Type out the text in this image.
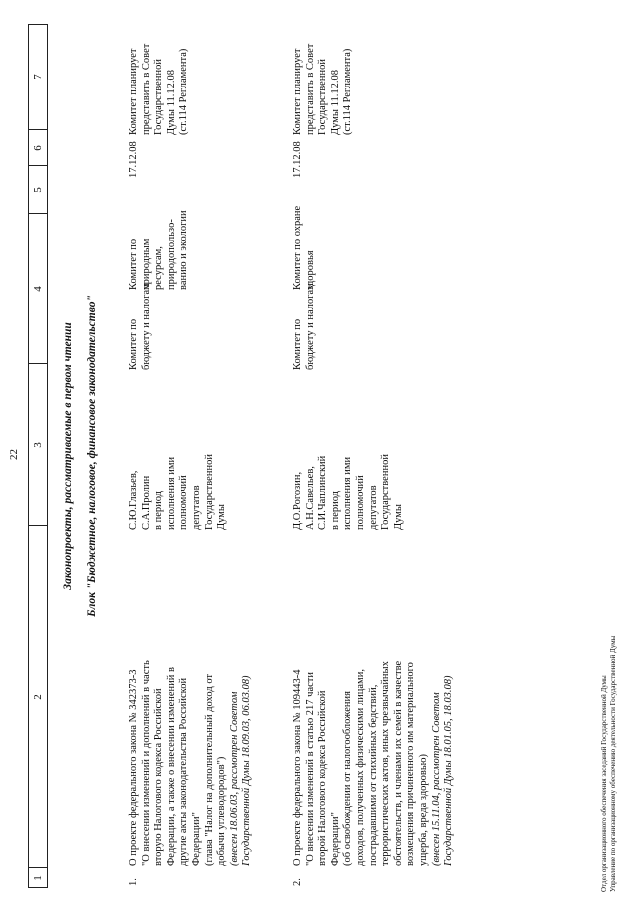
22
1
2
3
4
5
6
7
Законопроекты, рассматриваемые в первом чтении Блок "Бюджетное, налоговое, финансовое законодательство"
1.
О проекте федерального закона № 342373-3 "О внесении изменений и дополнений в часть вторую Налогового кодекса Российской Федерации, а также о внесении изменений в другие акты законодательства Российской Федерации" (глава "Налог на дополнительный доход от добычи углеводородов") (внесен 18.06.03, рассмотрен Советом Государственной Думы 18.09.03, 06.03.08)
С.Ю.Глазьев, С.А.Пролин в период исполнения ими полномочий депутатов Государственной Думы
Комитет по бюджету и налогам
Комитет по природным ресурсам, природопользо- ванию и экологии
17.12.08
Комитет планирует представить в Совет Государственной Думы 11.12.08 (ст.114 Регламента)
2.
О проекте федерального закона № 109443-4 "О внесении изменений в статью 217 части второй Налогового кодекса Российской Федерации" (об освобождении от налогообложения доходов, полученных физическими лицами, пострадавшими от стихийных бедствий, террористических актов, иных чрезвычайных обстоятельств, и членами их семей в качестве возмещения причиненного им материального ущерба, вреда здоровью) (внесен 15.11.04, рассмотрен Советом Государственной Думы 18.01.05, 18.03.08)
Д.О.Рогозин, А.Н.Савельев, С.И.Чаплинский в период исполнения ими полномочий депутатов Государственной Думы
Комитет по бюджету и налогам
Комитет по охране здоровья
17.12.08
Комитет планирует представить в Совет Государственной Думы 11.12.08 (ст.114 Регламента)
Отдел организационного обеспечения заседаний Государственной Думы Управление по организационному обеспечению деятельности Государственной Думы
